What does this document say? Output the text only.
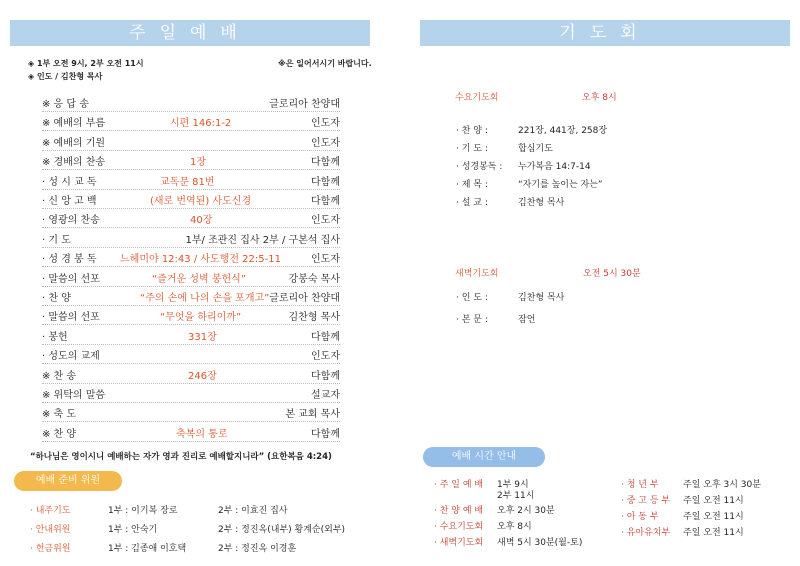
주일예배
◈ 1부 오전 9시, 2부 오전 11시	※은 일어서시기 바랍니다.
◈ 인도 / 김찬형 목사
※ 응 답 송	글로리아 찬양대
※ 예배의 부름	시편 146:1-2	인도자
※ 예배의 기원	인도자
※ 경배의 찬송	1장	다함께
· 성 시 교 독	교독문 81번	다함께
· 신 앙 고 백	(새로 번역된) 사도신경	다함께
· 영광의 찬송	40장	인도자
· 기 도	1부/ 조관진 집사 2부 / 구본석 집사
· 성 경 봉 독 느헤미야 12:43 / 사도행전 22:5-11	인도자
· 말씀의 선포	“즐거운 성벽 봉헌식”	강봉숙 목사
· 찬 양	“주의 손에 나의 손을 포개고” 글로리아 찬양대
· 말씀의 선포	“무엇을 하리이까”	김찬형 목사
· 봉헌	331장	다함께
· 성도의 교제	인도자
※ 찬 송	246장	다함께
※ 위탁의 말씀	설교자
※ 축 도	본 교회 목사
※ 찬 양	축복의 통로	다함께
“하나님은 영이시니 예배하는 자가 영과 진리로 예배할지니라” (요한복음 4:24)
예배 준비 위원
· 내주기도	1부 : 이기복 장로	2부 : 이효진 집사
· 안내위원	1부 : 안숙기	2부 : 정진옥(내부) 황계순(외부)
· 헌금위원	1부 : 김종애 이호택	2부 : 정진옥 이경훈
기도회
수요기도회	오후 8시
· 찬 양 :	221장, 441장, 258장
· 기 도 :	합심기도
· 성경봉독 : 누가복음 14:7-14
· 제 목 :	“자기를 높이는 자는”
· 설 교 :	김찬형 목사
새벽기도회	오전 5시 30분
· 인 도 :	김찬형 목사
· 본 문 :	잠언
예배 시간 안내
· 주 일 예 배 1부 9시
2부 11시
· 찬 양 예 배 오후 2시 30분
· 수요기도회 오후 8시
· 새벽기도회 새벽 5시 30분(월-토)
· 청 년 부	주일 오후 3시 30분
· 중 고 등 부 주일 오전 11시
· 아 동 부	주일 오전 11시
· 유아유치부 주일 오전 11시
